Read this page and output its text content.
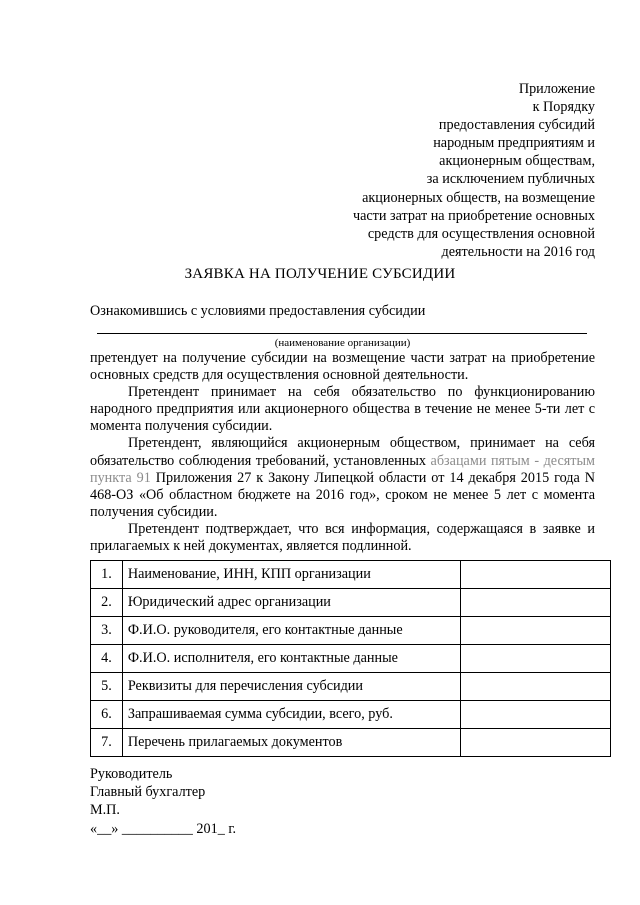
Приложение
к Порядку
предоставления субсидий
народным предприятиям и
акционерным обществам,
за исключением публичных
акционерных обществ, на возмещение
части затрат на приобретение основных
средств для осуществления основной
деятельности на 2016 год
ЗАЯВКА НА ПОЛУЧЕНИЕ СУБСИДИИ
Ознакомившись с условиями предоставления субсидии
(наименование организации)

претендует на получение субсидии на возмещение части затрат на приобретение основных средств для осуществления основной деятельности.

Претендент принимает на себя обязательство по функционированию народного предприятия или акционерного общества в течение не менее 5-ти лет с момента получения субсидии.

Претендент, являющийся акционерным обществом, принимает на себя обязательство соблюдения требований, установленных абзацами пятым - десятым пункта 91 Приложения 27 к Закону Липецкой области от 14 декабря 2015 года N 468-ОЗ «Об областном бюджете на 2016 год», сроком не менее 5 лет с момента получения субсидии.

Претендент подтверждает, что вся информация, содержащаяся в заявке и прилагаемых к ней документах, является подлинной.

1.	Наименование, ИНН, КПП организации	
2.	Юридический адрес организации	
3.	Ф.И.О. руководителя, его контактные данные	
4.	Ф.И.О. исполнителя, его контактные данные	
5.	Реквизиты для перечисления субсидии	
6.	Запрашиваемая сумма субсидии, всего, руб.	
7.	Перечень прилагаемых документов	
Руководитель
Главный бухгалтер
М.П.
«__» __________ 201_ г.
